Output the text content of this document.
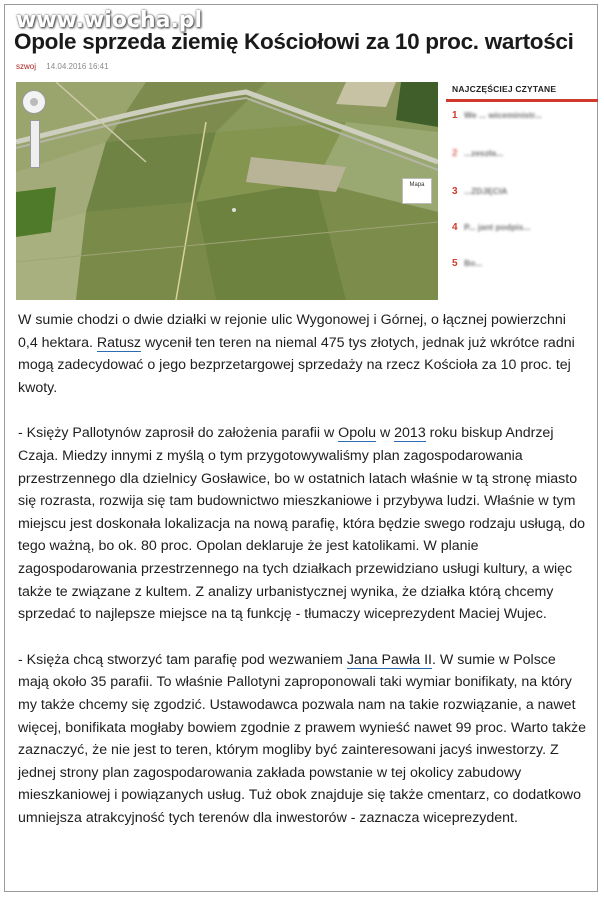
Opole sprzeda ziemię Kościołowi za 10 proc. wartości
www.wiocha.pl
szwoj 14.04.2016 16:41
Mapa
NAJCZĘŚCIEJ CZYTANE
1 We ... wiceministr...
2 ...zeszła...
3 ...ZDJĘCIA
4 P... jant podpis...
5 Bo...

W sumie chodzi o dwie działki w rejonie ulic Wygonowej i Górnej, o łącznej powierzchni 0,4 hektara. Ratusz wycenił ten teren na niemal 475 tys złotych, jednak już wkrótce radni mogą zadecydować o jego bezprzetargowej sprzedaży na rzecz Kościoła za 10 proc. tej kwoty.

- Księży Pallotynów zaprosił do założenia parafii w Opolu w 2013 roku biskup Andrzej Czaja. Miedzy innymi z myślą o tym przygotowywaliśmy plan zagospodarowania przestrzennego dla dzielnicy Gosławice, bo w ostatnich latach właśnie w tą stronę miasto się rozrasta, rozwija się tam budownictwo mieszkaniowe i przybywa ludzi. Właśnie w tym miejscu jest doskonała lokalizacja na nową parafię, która będzie swego rodzaju usługą, do tego ważną, bo ok. 80 proc. Opolan deklaruje że jest katolikami. W planie zagospodarowania przestrzennego na tych działkach przewidziano usługi kultury, a więc także te związane z kultem. Z analizy urbanistycznej wynika, że działka którą chcemy sprzedać to najlepsze miejsce na tą funkcję - tłumaczy wiceprezydent Maciej Wujec.

- Księża chcą stworzyć tam parafię pod wezwaniem Jana Pawła II. W sumie w Polsce mają około 35 parafii. To właśnie Pallotyni zaproponowali taki wymiar bonifikaty, na który my także chcemy się zgodzić. Ustawodawca pozwala nam na takie rozwiązanie, a nawet więcej, bonifikata mogłaby bowiem zgodnie z prawem wynieść nawet 99 proc. Warto także zaznaczyć, że nie jest to teren, którym mogliby być zainteresowani jacyś inwestorzy. Z jednej strony plan zagospodarowania zakłada powstanie w tej okolicy zabudowy mieszkaniowej i powiązanych usług. Tuż obok znajduje się także cmentarz, co dodatkowo umniejsza atrakcyjność tych terenów dla inwestorów - zaznacza wiceprezydent.
